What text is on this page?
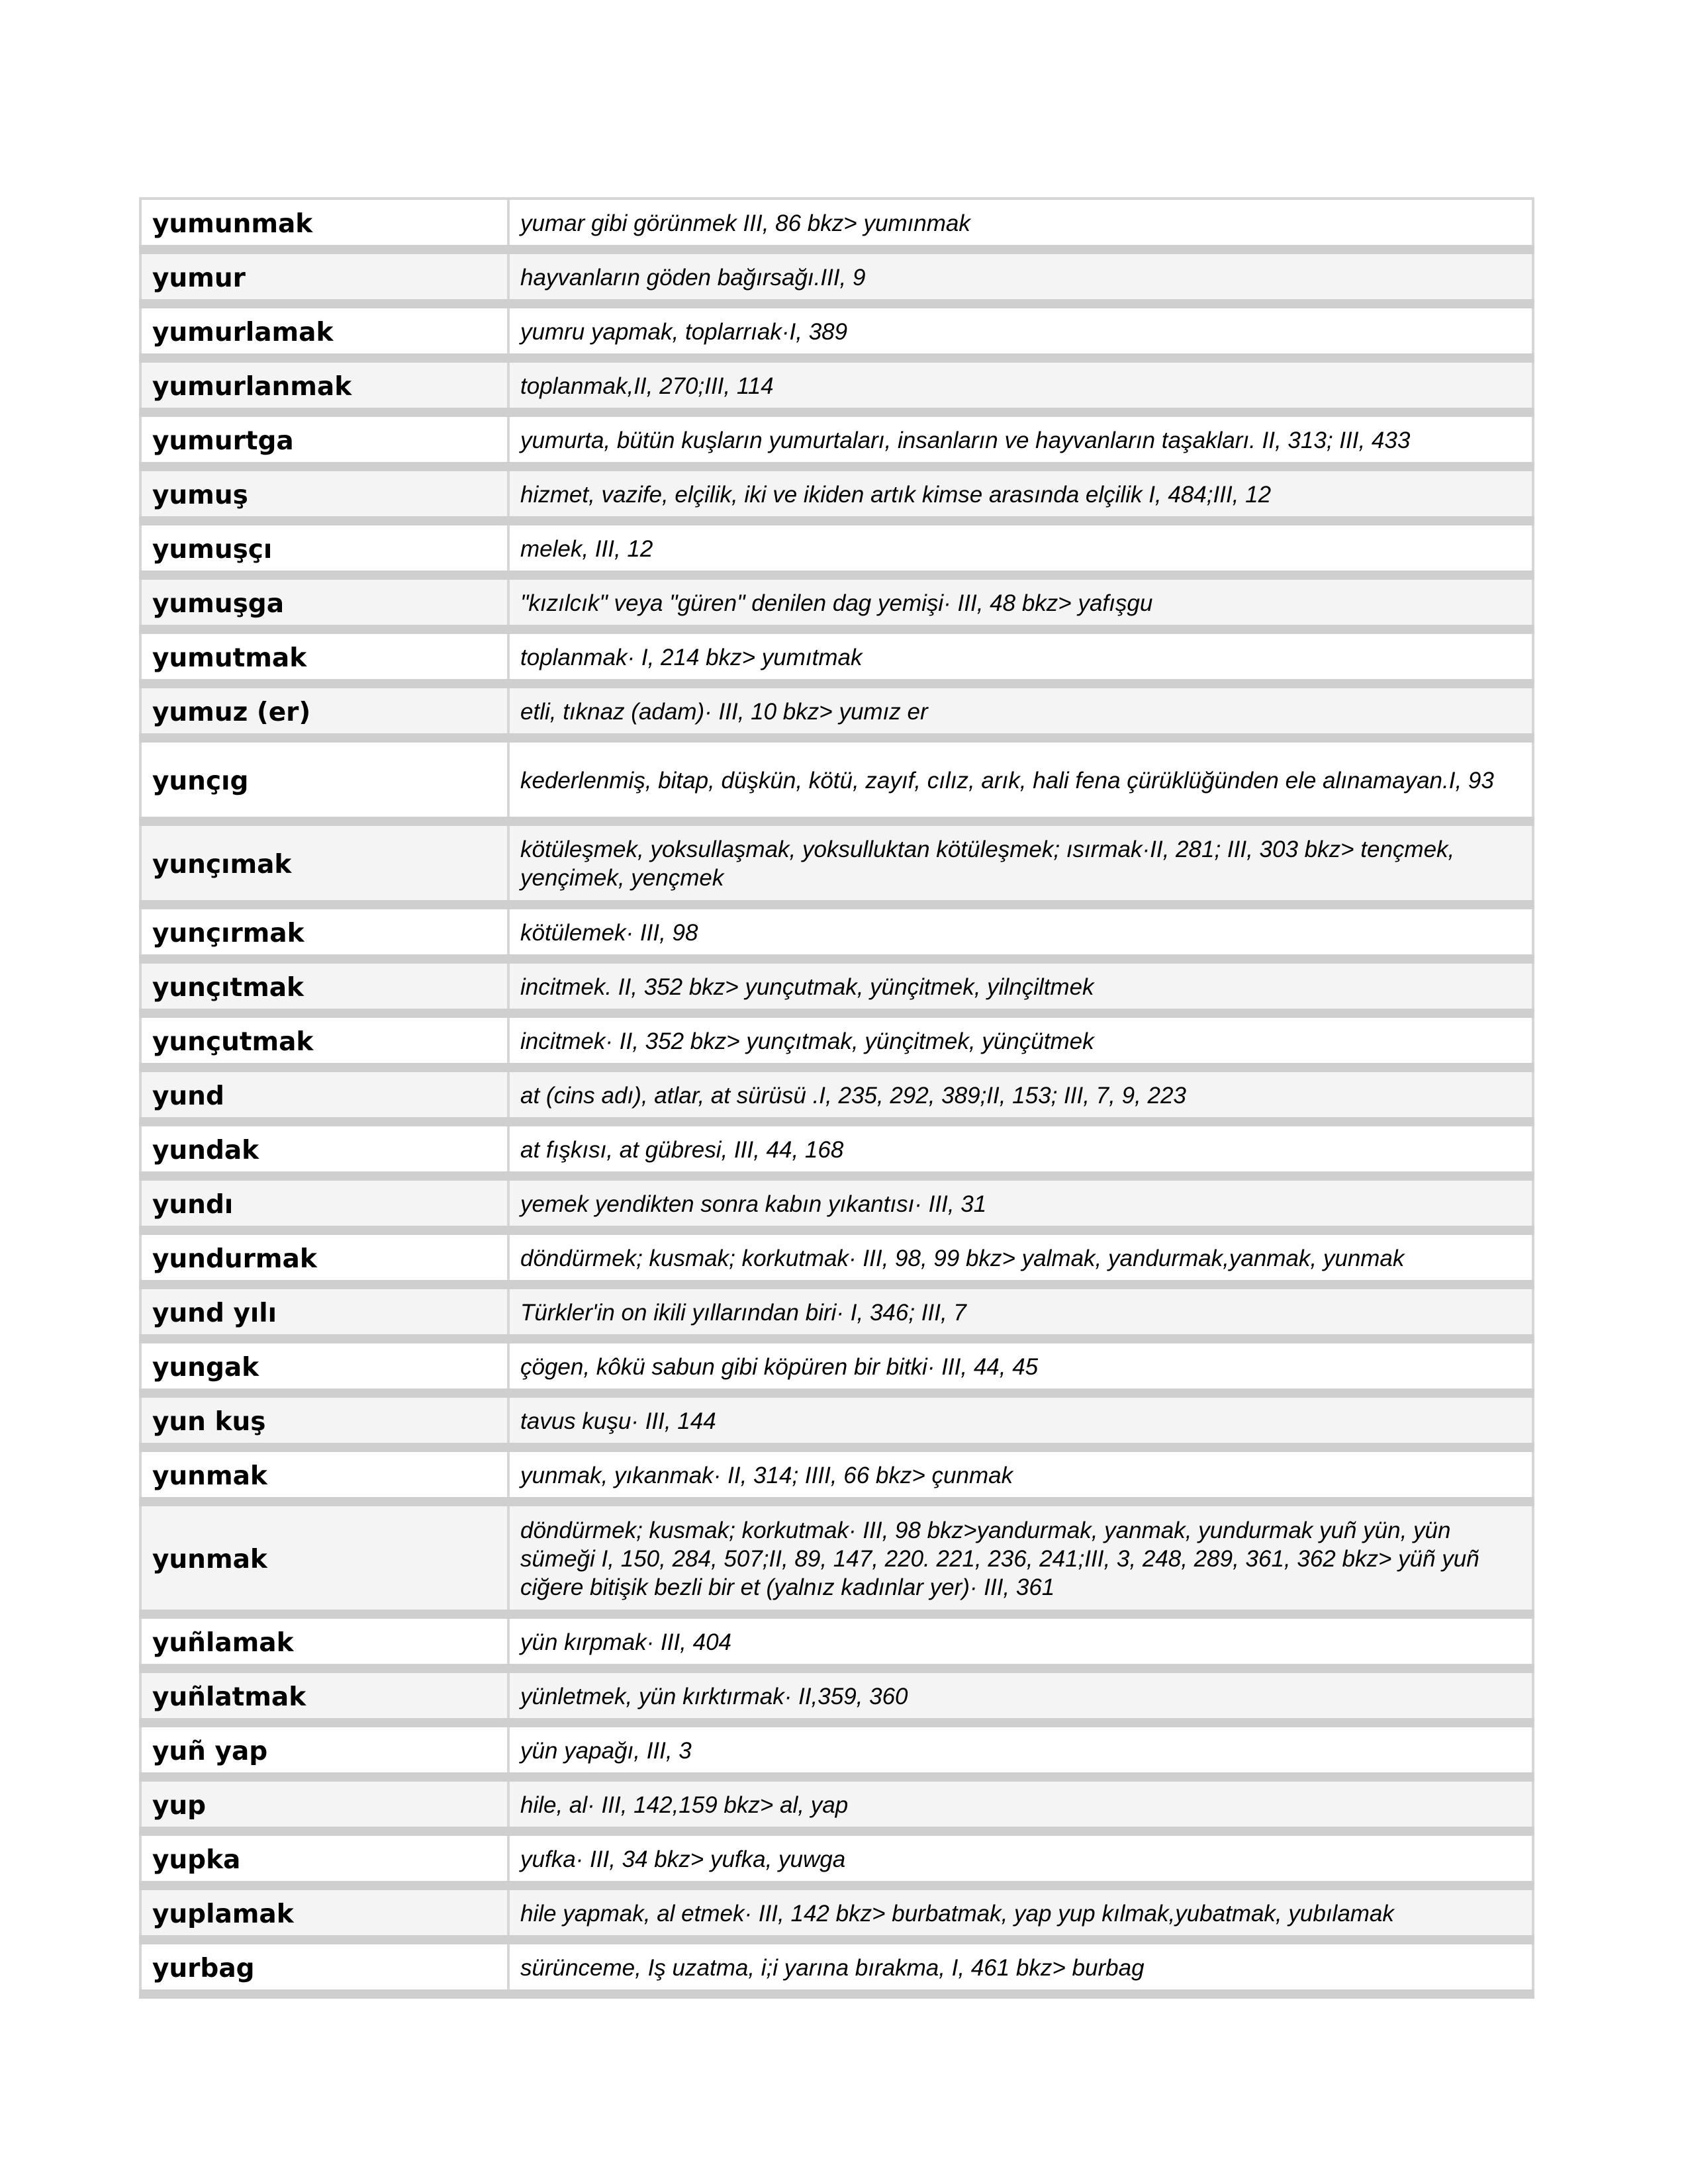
yumunmak	yumar gibi görünmek III, 86 bkz> yumınmak
yumur	hayvanların göden bağırsağı.III, 9
yumurlamak	yumru yapmak, toplarrıak·I, 389
yumurlanmak	toplanmak,II, 270;III, 114
yumurtga	yumurta, bütün kuşların yumurtaları, insanların ve hayvanların taşakları. II, 313; III, 433
yumuş	hizmet, vazife, elçilik, iki ve ikiden artık kimse arasında elçilik I, 484;III, 12
yumuşçı	melek, III, 12
yumuşga	"kızılcık" veya "güren" denilen dag yemişi· III, 48 bkz> yafışgu
yumutmak	toplanmak· I, 214 bkz> yumıtmak
yumuz (er)	etli, tıknaz (adam)· III, 10 bkz> yumız er
yunçıg	kederlenmiş, bitap, düşkün, kötü, zayıf, cılız, arık, hali fena çürüklüğünden ele alınamayan.I, 93
yunçımak	kötüleşmek, yoksullaşmak, yoksulluktan kötüleşmek; ısırmak·II, 281; III, 303 bkz> tençmek, yençimek, yençmek
yunçırmak	kötülemek· III, 98
yunçıtmak	incitmek. II, 352 bkz> yunçutmak, yünçitmek, yilnçiltmek
yunçutmak	incitmek· II, 352 bkz> yunçıtmak, yünçitmek, yünçütmek
yund	at (cins adı), atlar, at sürüsü .I, 235, 292, 389;II, 153; III, 7, 9, 223
yundak	at fışkısı, at gübresi, III, 44, 168
yundı	yemek yendikten sonra kabın yıkantısı· III, 31
yundurmak	döndürmek; kusmak; korkutmak· III, 98, 99 bkz> yalmak, yandurmak,yanmak, yunmak
yund yılı	Türkler'in on ikili yıllarından biri· I, 346; III, 7
yungak	çögen, kôkü sabun gibi köpüren bir bitki· III, 44, 45
yun kuş	tavus kuşu· III, 144
yunmak	yunmak, yıkanmak· II, 314; IIII, 66 bkz> çunmak
yunmak	döndürmek; kusmak; korkutmak· III, 98 bkz>yandurmak, yanmak, yundurmak yuñ yün, yün sümeği I, 150, 284, 507;II, 89, 147, 220. 221, 236, 241;III, 3, 248, 289, 361, 362 bkz> yüñ yuñ ciğere bitişik bezli bir et (yalnız kadınlar yer)· III, 361
yuñlamak	yün kırpmak· III, 404
yuñlatmak	yünletmek, yün kırktırmak· II,359, 360
yuñ yap	yün yapağı, III, 3
yup	hile, al· III, 142,159 bkz> al, yap
yupka	yufka· III, 34 bkz> yufka, yuwga
yuplamak	hile yapmak, al etmek· III, 142 bkz> burbatmak, yap yup kılmak,yubatmak, yubılamak
yurbag	sürünceme, Iş uzatma, i;i yarına bırakma, I, 461 bkz> burbag
